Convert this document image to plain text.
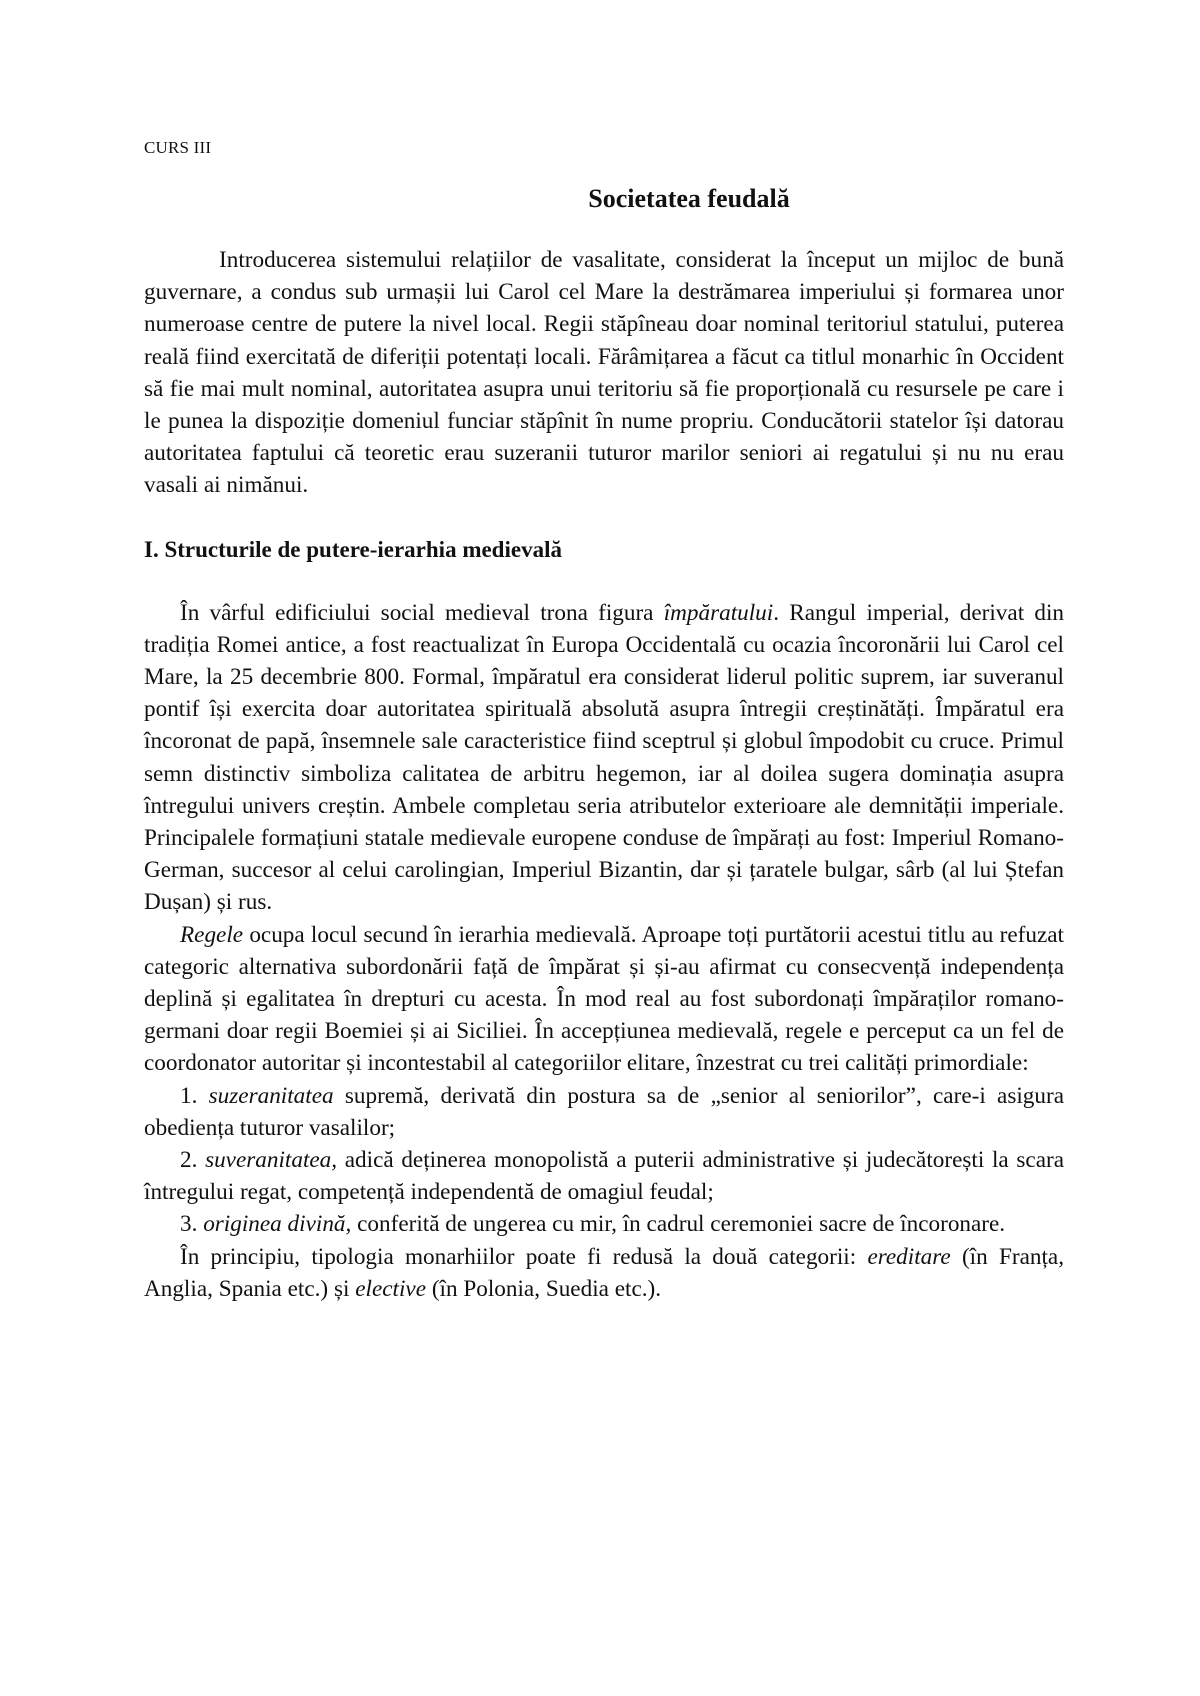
CURS III
Societatea feudală

Introducerea sistemului relațiilor de vasalitate, considerat la început un mijloc de bună guvernare, a condus sub urmașii lui Carol cel Mare la destrămarea imperiului și formarea unor numeroase centre de putere la nivel local. Regii stăpîneau doar nominal teritoriul statului, puterea reală fiind exercitată de diferiții potentați locali. Fărâmițarea a făcut ca titlul monarhic în Occident să fie mai mult nominal, autoritatea asupra unui teritoriu să fie proporțională cu resursele pe care i le punea la dispoziție domeniul funciar stăpînit în nume propriu. Conducătorii statelor își datorau autoritatea faptului că teoretic erau suzeranii tuturor marilor seniori ai regatului și nu nu erau vasali ai nimănui.

I. Structurile de putere-ierarhia medievală

În vârful edificiului social medieval trona figura împăratului. Rangul imperial, derivat din tradiția Romei antice, a fost reactualizat în Europa Occidentală cu ocazia încoronării lui Carol cel Mare, la 25 decembrie 800. Formal, împăratul era considerat liderul politic suprem, iar suveranul pontif își exercita doar autoritatea spirituală absolută asupra întregii creștinătăți. Împăratul era încoronat de papă, însemnele sale caracteristice fiind sceptrul și globul împodobit cu cruce. Primul semn distinctiv simboliza calitatea de arbitru hegemon, iar al doilea sugera dominația asupra întregului univers creștin. Ambele completau seria atributelor exterioare ale demnității imperiale. Principalele formațiuni statale medievale europene conduse de împărați au fost: Imperiul Romano-German, succesor al celui carolingian, Imperiul Bizantin, dar și țaratele bulgar, sârb (al lui Ștefan Dușan) și rus.

Regele ocupa locul secund în ierarhia medievală. Aproape toți purtătorii acestui titlu au refuzat categoric alternativa subordonării față de împărat și și-au afirmat cu consecvență independența deplină și egalitatea în drepturi cu acesta. În mod real au fost subordonați împăraților romano-germani doar regii Boemiei și ai Siciliei. În accepțiunea medievală, regele e perceput ca un fel de coordonator autoritar și incontestabil al categoriilor elitare, înzestrat cu trei calități primordiale:

1. suzeranitatea supremă, derivată din postura sa de „senior al seniorilor”, care-i asigura obediența tuturor vasalilor;

2. suveranitatea, adică deținerea monopolistă a puterii administrative și judecătorești la scara întregului regat, competență independentă de omagiul feudal;

3. originea divină, conferită de ungerea cu mir, în cadrul ceremoniei sacre de încoronare.

În principiu, tipologia monarhiilor poate fi redusă la două categorii: ereditare (în Franța, Anglia, Spania etc.) și elective (în Polonia, Suedia etc.).
